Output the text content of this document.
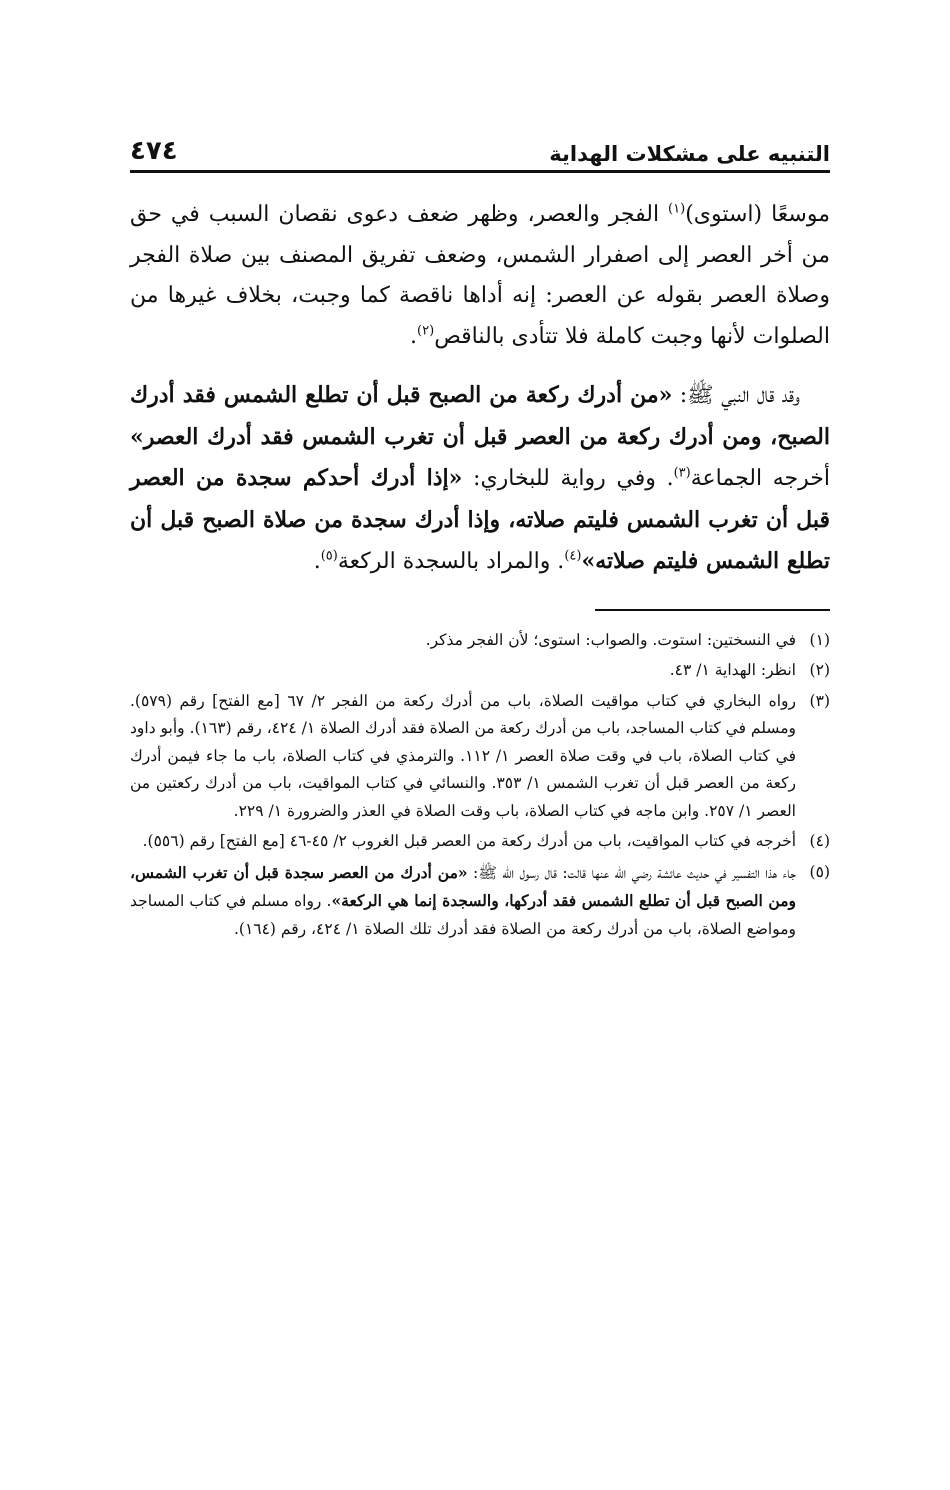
التنبيه على مشكلات الهداية
٤٧٤

موسعًا (استوى)$^{(١)}$ الفجر والعصر، وظهر ضعف دعوى نقصان السبب في حق من أخر العصر إلى اصفرار الشمس، وضعف تفريق المصنف بين صلاة الفجر وصلاة العصر بقوله عن العصر: إنه أداها ناقصة كما وجبت، بخلاف غيرها من الصلوات لأنها وجبت كاملة فلا تتأدى بالناقص$^{(٢)}$.

وقد قال النبي ﷺ: «من أدرك ركعة من الصبح قبل أن تطلع الشمس فقد أدرك الصبح، ومن أدرك ركعة من العصر قبل أن تغرب الشمس فقد أدرك العصر» أخرجه الجماعة$^{(٣)}$. وفي رواية للبخاري: «إذا أدرك أحدكم سجدة من العصر قبل أن تغرب الشمس فليتم صلاته، وإذا أدرك سجدة من صلاة الصبح قبل أن تطلع الشمس فليتم صلاته»$^{(٤)}$. والمراد بالسجدة الركعة$^{(٥)}$.

(١)
في النسختين: استوت. والصواب: استوى؛ لأن الفجر مذكر.
(٢)
انظر: الهداية ١/ ٤٣.
(٣)
رواه البخاري في كتاب مواقيت الصلاة، باب من أدرك ركعة من الفجر ٢/ ٦٧ [مع الفتح] رقم (٥٧٩). ومسلم في كتاب المساجد، باب من أدرك ركعة من الصلاة فقد أدرك الصلاة ١/ ٤٢٤، رقم (١٦٣). وأبو داود في كتاب الصلاة، باب في وقت صلاة العصر ١/ ١١٢. والترمذي في كتاب الصلاة، باب ما جاء فيمن أدرك ركعة من العصر قبل أن تغرب الشمس ١/ ٣٥٣. والنسائي في كتاب المواقيت، باب من أدرك ركعتين من العصر ١/ ٢٥٧. وابن ماجه في كتاب الصلاة، باب وقت الصلاة في العذر والضرورة ١/ ٢٢٩.
(٤)
أخرجه في كتاب المواقيت، باب من أدرك ركعة من العصر قبل الغروب ٢/ ٤٥-٤٦ [مع الفتح] رقم (٥٥٦).
(٥)
جاء هذا التفسير في حديث عائشة رضي الله عنها قالت: قال رسول الله ﷺ: «من أدرك من العصر سجدة قبل أن تغرب الشمس، ومن الصبح قبل أن تطلع الشمس فقد أدركها، والسجدة إنما هي الركعة». رواه مسلم في كتاب المساجد ومواضع الصلاة، باب من أدرك ركعة من الصلاة فقد أدرك تلك الصلاة ١/ ٤٢٤، رقم (١٦٤).
